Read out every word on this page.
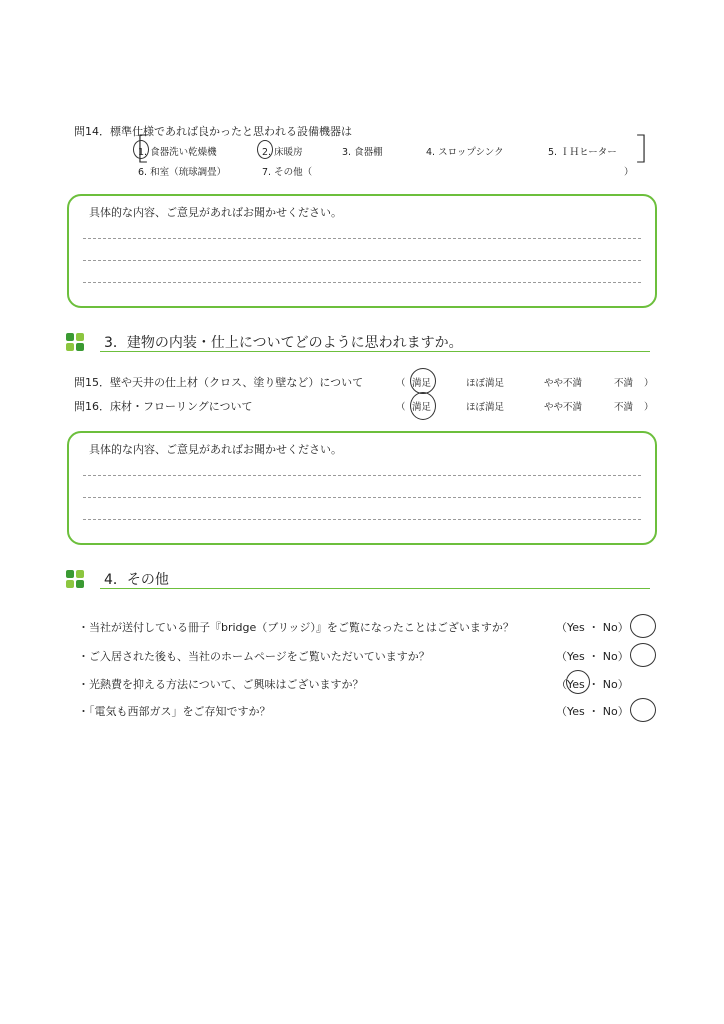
問14．標準仕様であれば良かったと思われる設備機器は
［	］
1. 食器洗い乾燥機	2. 床暖房	3. 食器棚	4. スロップシンク	5. ＩＨヒーター
6. 和室（琉球調畳）	7. その他（	）
具体的な内容、ご意見があればお聞かせください。
3．建物の内装・仕上についてどのように思われますか。
問15．壁や天井の仕上材（クロス、塗り壁など）について	（ 満足	ほぼ満足	やや不満	不満 ）
問16．床材・フローリングについて	（ 満足	ほぼ満足	やや不満	不満 ）
具体的な内容、ご意見があればお聞かせください。
4．その他
・当社が送付している冊子『bridge（ブリッジ）』をご覧になったことはございますか？	（Yes ・ No）
・ご入居された後も、当社のホームページをご覧いただいていますか？	（Yes ・ No）
・光熱費を抑える方法について、ご興味はございますか？	（Yes ・ No）
・「電気も西部ガス」をご存知ですか？	（Yes ・ No）
